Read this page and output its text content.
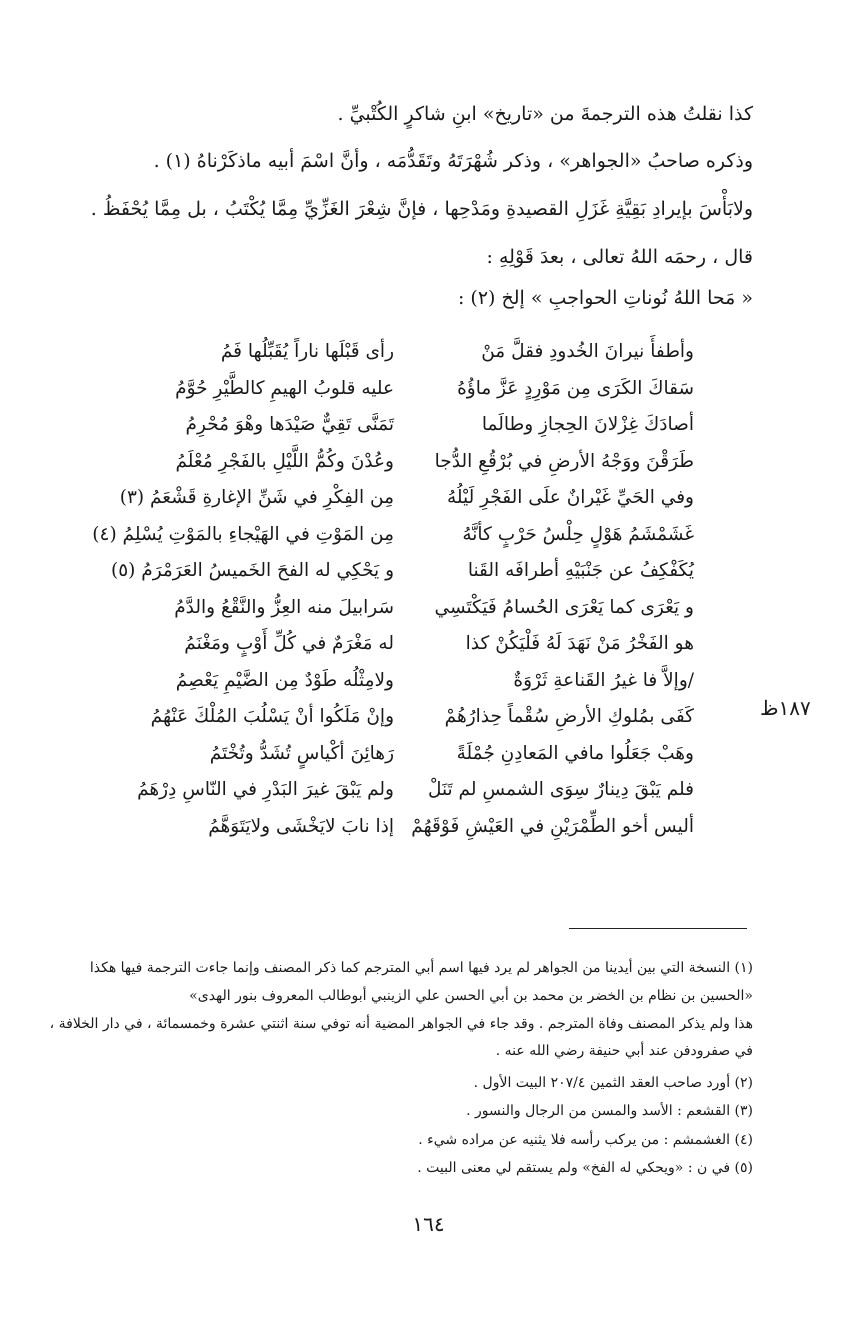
كذا نقلتُ هذه الترجمةَ من «تاريخ» ابنِ شاكرٍ الكُتْبيِّ .
وذكره صاحبُ «الجواهر» ، وذكر شُهْرَتَهُ وتَقَدُّمَه ، وأنَّ اسْمَ أبيه ماذكَرْناهُ (١) .
ولابَأْسَ بإيرادِ بَقِيَّةِ غَزَلِ القصيدةِ ومَدْحِها ، فإنَّ شِعْرَ الغَزِّيِّ مِمَّا يُكْتَبُ ، بل مِمَّا يُحْفَظُ .
قال ، رحمَه اللهُ تعالى ، بعدَ قَوْلِهِ :
« مَحا اللهُ نُوناتِ الحواجبِ » إلخ (٢) :
وأطفأَ نيرانَ الخُدودِ فقلَّ مَنْ
رأى قَبْلَها ناراً يُقَبِّلُها فَمُ
سَقاكَ الكَرَى مِن مَوْرِدٍ عَزَّ ماؤُهُ
عليه قلوبُ الهيمِ كالطَّيْرِ حُوَّمُ
أصادَكَ غِزْلانَ الحِجازِ وطالَما
تَمَنَّى تَقِيٌّ صَيْدَها وهْوَ مُحْرِمُ
طَرَقْنَ ووَجْهُ الأرضِ في بُرْقُعِ الدُّجا
وعُدْنَ وكُمُّ اللَّيْلِ بالفَجْرِ مُعْلَمُ
وفي الحَيِّ غَيْرانٌ علَى الفَجْرِ لَيْلُهُ
مِن الفِكْرِ في شَنِّ الإغارةِ قَشْعَمُ (٣)
غَشَمْشَمُ هَوْلٍ حِلْسُ حَرْبٍ كأنَّهُ
مِن المَوْتِ في الهَيْجاءِ بالمَوْتِ يُسْلِمُ (٤)
يُكَفْكِفُ عن جَنْبَيْهِ أطرافَه القَنا
و يَحْكِي له الفحَ الخَميسُ العَرَمْرَمُ (٥)
و يَعْرَى كما يَعْرَى الحُسامُ فَيَكْتَسِي
سَرابيلَ منه العِزُّ والنَّقْعُ والدَّمُ
هو الفَخْرُ مَنْ نَهَدَ لَهُ فَلْيَكُنْ كذا
له مَغْرَمٌ في كُلِّ أَوْبٍ ومَغْنَمُ
/وإلاَّ فا غيرُ القَناعةِ ثَرْوَةٌ
ولامِثْلُه طَوْدٌ مِن الضَّيْمِ يَعْصِمُ
كَفَى بمُلوكِ الأرضِ سُقْماً حِذارُهُمْ
وإنْ مَلَكُوا أنْ يَسْلُبَ المُلْكَ عَنْهُمُ
وهَبْ جَعَلُوا مافي المَعادِنِ جُمْلَةً
رَهائِنَ أكْياسٍ تُشَدُّ وتُخْتَمُ
فلم يَبْقَ دِينارٌ سِوَى الشمسِ لم تَنَلْ
ولم يَبْقَ غيرَ البَدْرِ في النّاسِ دِرْهَمُ
أليس أخو الطِّمْرَيْنِ في العَيْشِ فَوْقَهُمْ
إذا نابَ لايَخْشَى ولايَتَوَهَّمُ
١٨٧ظ
(١) النسخة التي بين أيدينا من الجواهر لم يرد فيها اسم أبي المترجم كما ذكر المصنف وإنما جاءت الترجمة فيها هكذا
«الحسين بن نظام بن الخضر بن محمد بن أبي الحسن علي الزينبي أبوطالب المعروف بنور الهدى»
هذا ولم يذكر المصنف وفاة المترجم . وقد جاء في الجواهر المضية أنه توفي سنة اثنتي عشرة وخمسمائة ، في دار الخلافة ،
في صفرودفن عند أبي حنيفة رضي الله عنه .
(٢) أورد صاحب العقد الثمين ٢٠٧/٤ البيت الأول .
(٣) القشعم : الأسد والمسن من الرجال والنسور .
(٤) الغشمشم : من يركب رأسه فلا يثنيه عن مراده شيء .
(٥) في ن : «ويحكي له الفخ» ولم يستقم لي معنى البيت .
١٦٤
